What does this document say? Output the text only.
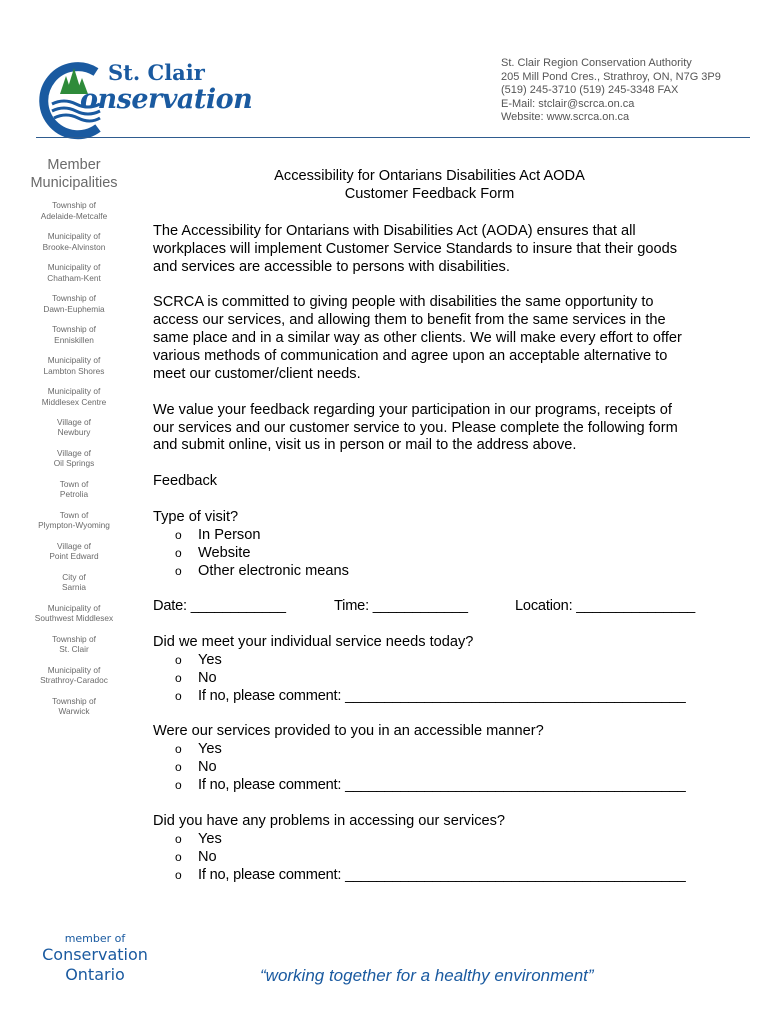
St. Clair
onservation
St. Clair Region Conservation Authority
205 Mill Pond Cres., Strathroy, ON, N7G 3P9
(519) 245-3710 (519) 245-3348 FAX
E-Mail: stclair@scrca.on.ca
Website: www.scrca.on.ca
Member
Municipalities
Township of
Adelaide-Metcalfe
Municipality of
Brooke-Alvinston
Municipality of
Chatham-Kent
Township of
Dawn-Euphemia
Township of
Enniskillen
Municipality of
Lambton Shores
Municipality of
Middlesex Centre
Village of
Newbury
Village of
Oil Springs
Town of
Petrolia
Town of
Plympton-Wyoming
Village of
Point Edward
City of
Sarnia
Municipality of
Southwest Middlesex
Township of
St. Clair
Municipality of
Strathroy-Caradoc
Township of
Warwick
Accessibility for Ontarians Disabilities Act AODA
Customer Feedback Form
The Accessibility for Ontarians with Disabilities Act (AODA) ensures that all
workplaces will implement Customer Service Standards to insure that their goods
and services are accessible to persons with disabilities.
SCRCA is committed to giving people with disabilities the same opportunity to
access our services, and allowing them to benefit from the same services in the
same place and in a similar way as other clients. We will make every effort to offer
various methods of communication and agree upon an acceptable alternative to
meet our customer/client needs.
We value your feedback regarding your participation in our programs, receipts of
our services and our customer service to you. Please complete the following form
and submit online, visit us in person or mail to the address above.
Feedback
Type of visit?
o In Person
o Website
o Other electronic means
Date: ____________	Time: ____________	Location: _______________
Did we meet your individual service needs today?
o Yes
o No
o If no, please comment: ___________________________________________
Were our services provided to you in an accessible manner?
o Yes
o No
o If no, please comment: ___________________________________________
Did you have any problems in accessing our services?
o Yes
o No
o If no, please comment: ___________________________________________
member of
Conservation
Ontario	“working together for a healthy environment”
